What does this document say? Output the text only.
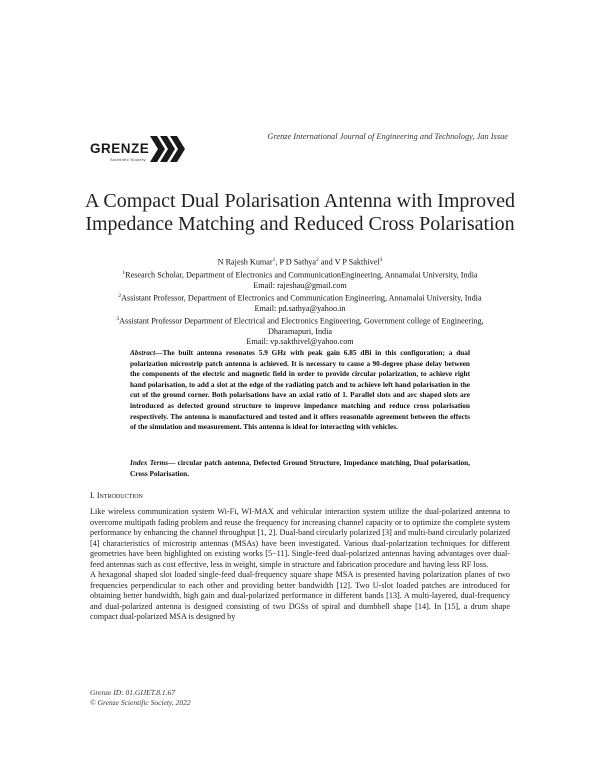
GRENZE
Scientific Society
Grenze International Journal of Engineering and Technology, Jan Issue
A Compact Dual Polarisation Antenna with Improved
Impedance Matching and Reduced Cross Polarisation
N Rajesh Kumar$^1$, P D Sathya$^2$ and V P Sakthivel$^3$
$^1$Research Scholar, Department of Electronics and CommunicationEngineering, Annamalai University, India
Email: rajeshau@gmail.com
$^2$Assistant Professor, Department of Electronics and Communication Engineering, Annamalai University, India
Email: pd.sathya@yahoo.in
$^3$Assistant Professor Department of Electrical and Electronics Engineering, Government college of Engineering,
Dharamapuri, India
Email: vp.sakthivel@yahoo.com
Abstract—The built antenna resonates 5.9 GHz with peak gain 6.85 dBi in this configuration; a dual polarization microstrip patch antenna is achieved. It is necessary to cause a 90-degree phase delay between the components of the electric and magnetic field in order to provide circular polarization, to achieve right hand polarisation, to add a slot at the edge of the radiating patch and to achieve left hand polarisation in the cut of the ground corner. Both polarisations have an axial ratio of 1. Parallel slots and arc shaped slots are introduced as defected ground structure to improve impedance matching and reduce cross polarisation respectively. The antenna is manufactured and tested and it offers reasonable agreement between the effects of the simulation and measurement. This antenna is ideal for interacting with vehicles.
Index Terms— circular patch antenna, Defected Ground Structure, Impedance matching, Dual polarisation, Cross Polarisation.
I. Introduction

Like wireless communication system Wi-Fi, WI-MAX and vehicular interaction system utilize the dual-polarized antenna to overcome multipath fading problem and reuse the frequency for increasing channel capacity or to optimize the complete system performance by enhancing the channel throughput [1, 2]. Dual-band circularly polarized [3] and multi-band circularly polarized [4] characteristics of microstrip antennas (MSAs) have been investigated. Various dual-polarization techniques for different geometries have been highlighted on existing works [5−11]. Single-feed dual-polarized antennas having advantages over dual-feed antennas such as cost effective, less in weight, simple in structure and fabrication procedure and having less RF loss.

A hexagonal shaped slot loaded single-feed dual-frequency square shape MSA is presented having polarization planes of two frequencies perpendicular to each other and providing better bandwidth [12]. Two U-slot loaded patches are introduced for obtaining better bandwidth, high gain and dual-polarized performance in different bands [13]. A multi-layered, dual-frequency and dual-polarized antenna is designed consisting of two DGSs of spiral and dumbbell shape [14]. In [15], a drum shape compact dual-polarized MSA is designed by

Grenze ID: 01.GIJET.8.1.67
© Grenze Scientific Society, 2022
